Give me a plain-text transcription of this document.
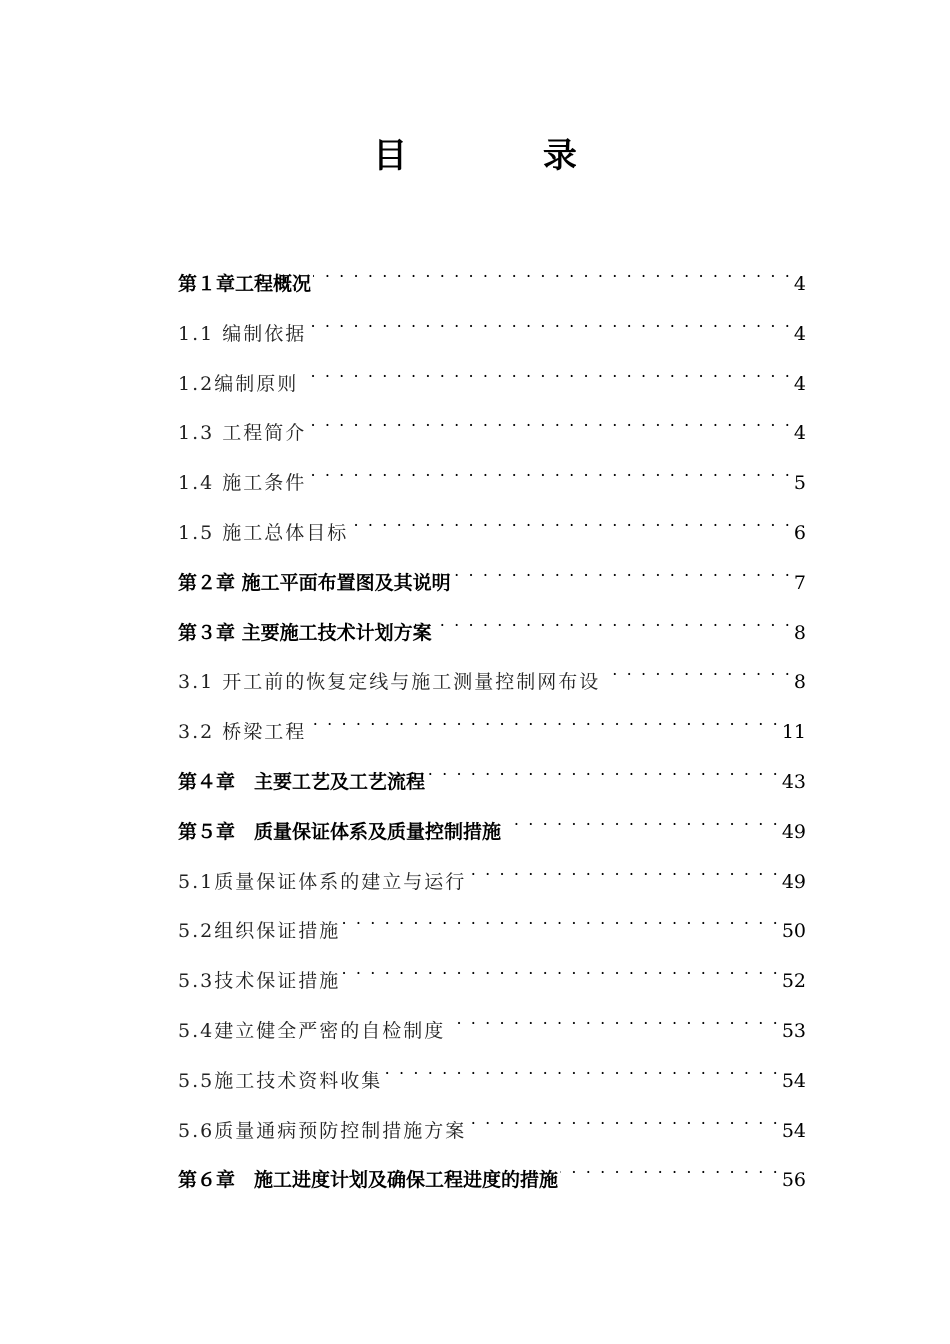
目 录
第１章工程概况 . . .	4
1.1 编制依据 . . .	4
1.2编制原则 . . .	4
1.3 工程简介 . . .	4
1.4 施工条件 . . .	5
1.5 施工总体目标 . . .	6
第２章 施工平面布置图及其说明 . . .	7
第３章 主要施工技术计划方案 . . .	8
3.1 开工前的恢复定线与施工测量控制网布设 . . .	8
3.2 桥梁工程 . . .	11
第４章　主要工艺及工艺流程 . . .	43
第５章　质量保证体系及质量控制措施 . . .	49
5.1质量保证体系的建立与运行 . . .	49
5.2组织保证措施 . . .	50
5.3技术保证措施 . . .	52
5.4建立健全严密的自检制度 . . .	53
5.5施工技术资料收集 . . .	54
5.6质量通病预防控制措施方案 . . .	54
第６章　施工进度计划及确保工程进度的措施 . . .	56
